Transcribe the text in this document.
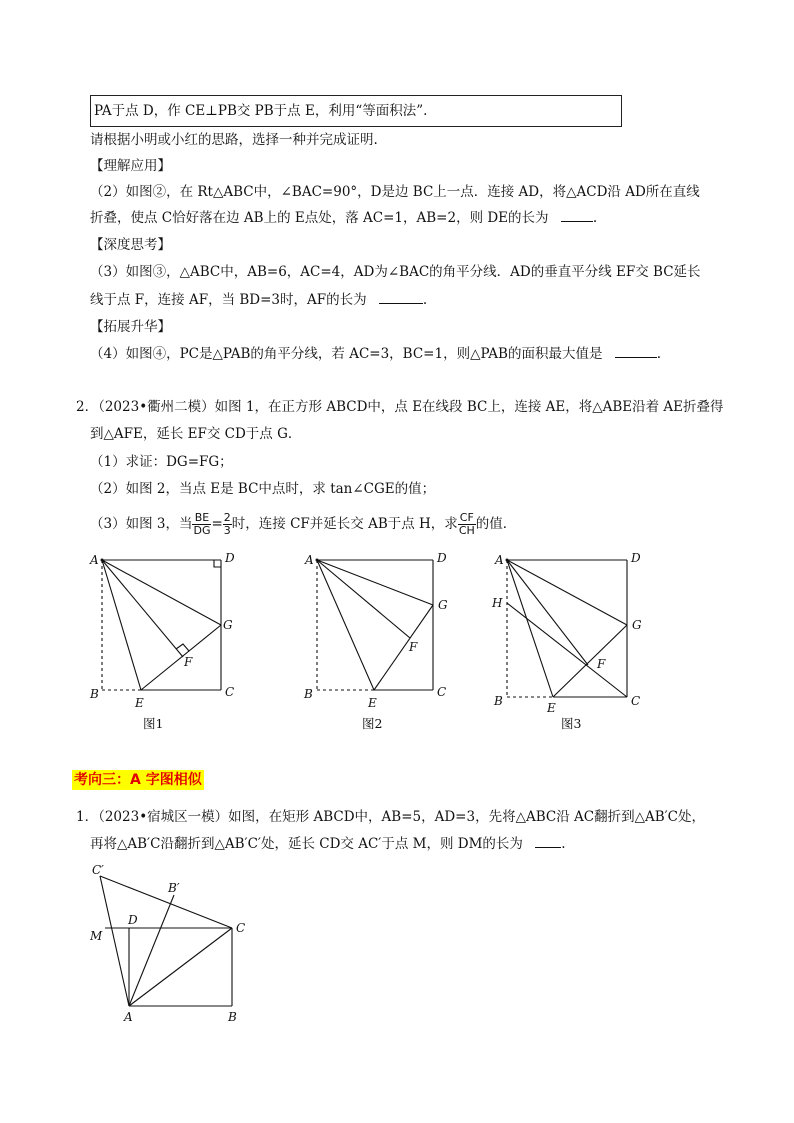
PA于点 D，作 CE⊥PB交 PB于点 E，利用“等面积法”.
请根据小明或小红的思路，选择一种并完成证明.
【理解应用】
（2）如图②，在 Rt△ABC中，∠BAC=90°，D是边 BC上一点．连接 AD，将△ACD沿 AD所在直线
折叠，使点 C恰好落在边 AB上的 E点处，落 AC=1，AB=2，则 DE的长为	.
【深度思考】
（3）如图③，△ABC中，AB=6，AC=4，AD为∠BAC的角平分线．AD的垂直平分线 EF交 BC延长
线于点 F，连接 AF，当 BD=3时，AF的长为	.
【拓展升华】
（4）如图④，PC是△PAB的角平分线，若 AC=3，BC=1，则△PAB的面积最大值是	.
2．（2023•衢州二模）如图 1，在正方形 ABCD中，点 E在线段 BC上，连接 AE，将△ABE沿着 AE折叠得
到△AFE，延长 EF交 CD于点 G．
（1）求证：DG=FG；
（2）如图 2，当点 E是 BC中点时，求 tan∠CGE的值；
（3）如图 3，当 $\frac{BE}{DG} = \frac{2}{3}$ 时，连接 CF并延长交 AB于点 H，求 $\frac{CF}{CH}$ 的值．
A	D
G
F
B
E
C
A	D
G
F
B
E
C
A	D
H
G
F
B	E	C
图1	图2	图3
考向三：A 字图相似
1．（2023•宿城区一模）如图，在矩形 ABCD中，AB=5，AD=3，先将△ABC沿 AC翻折到△AB′C处，
再将△AB′C沿翻折到△AB′C′处，延长 CD交 AC′于点 M，则 DM的长为	.
C′
B′
D
M
C
A	B
